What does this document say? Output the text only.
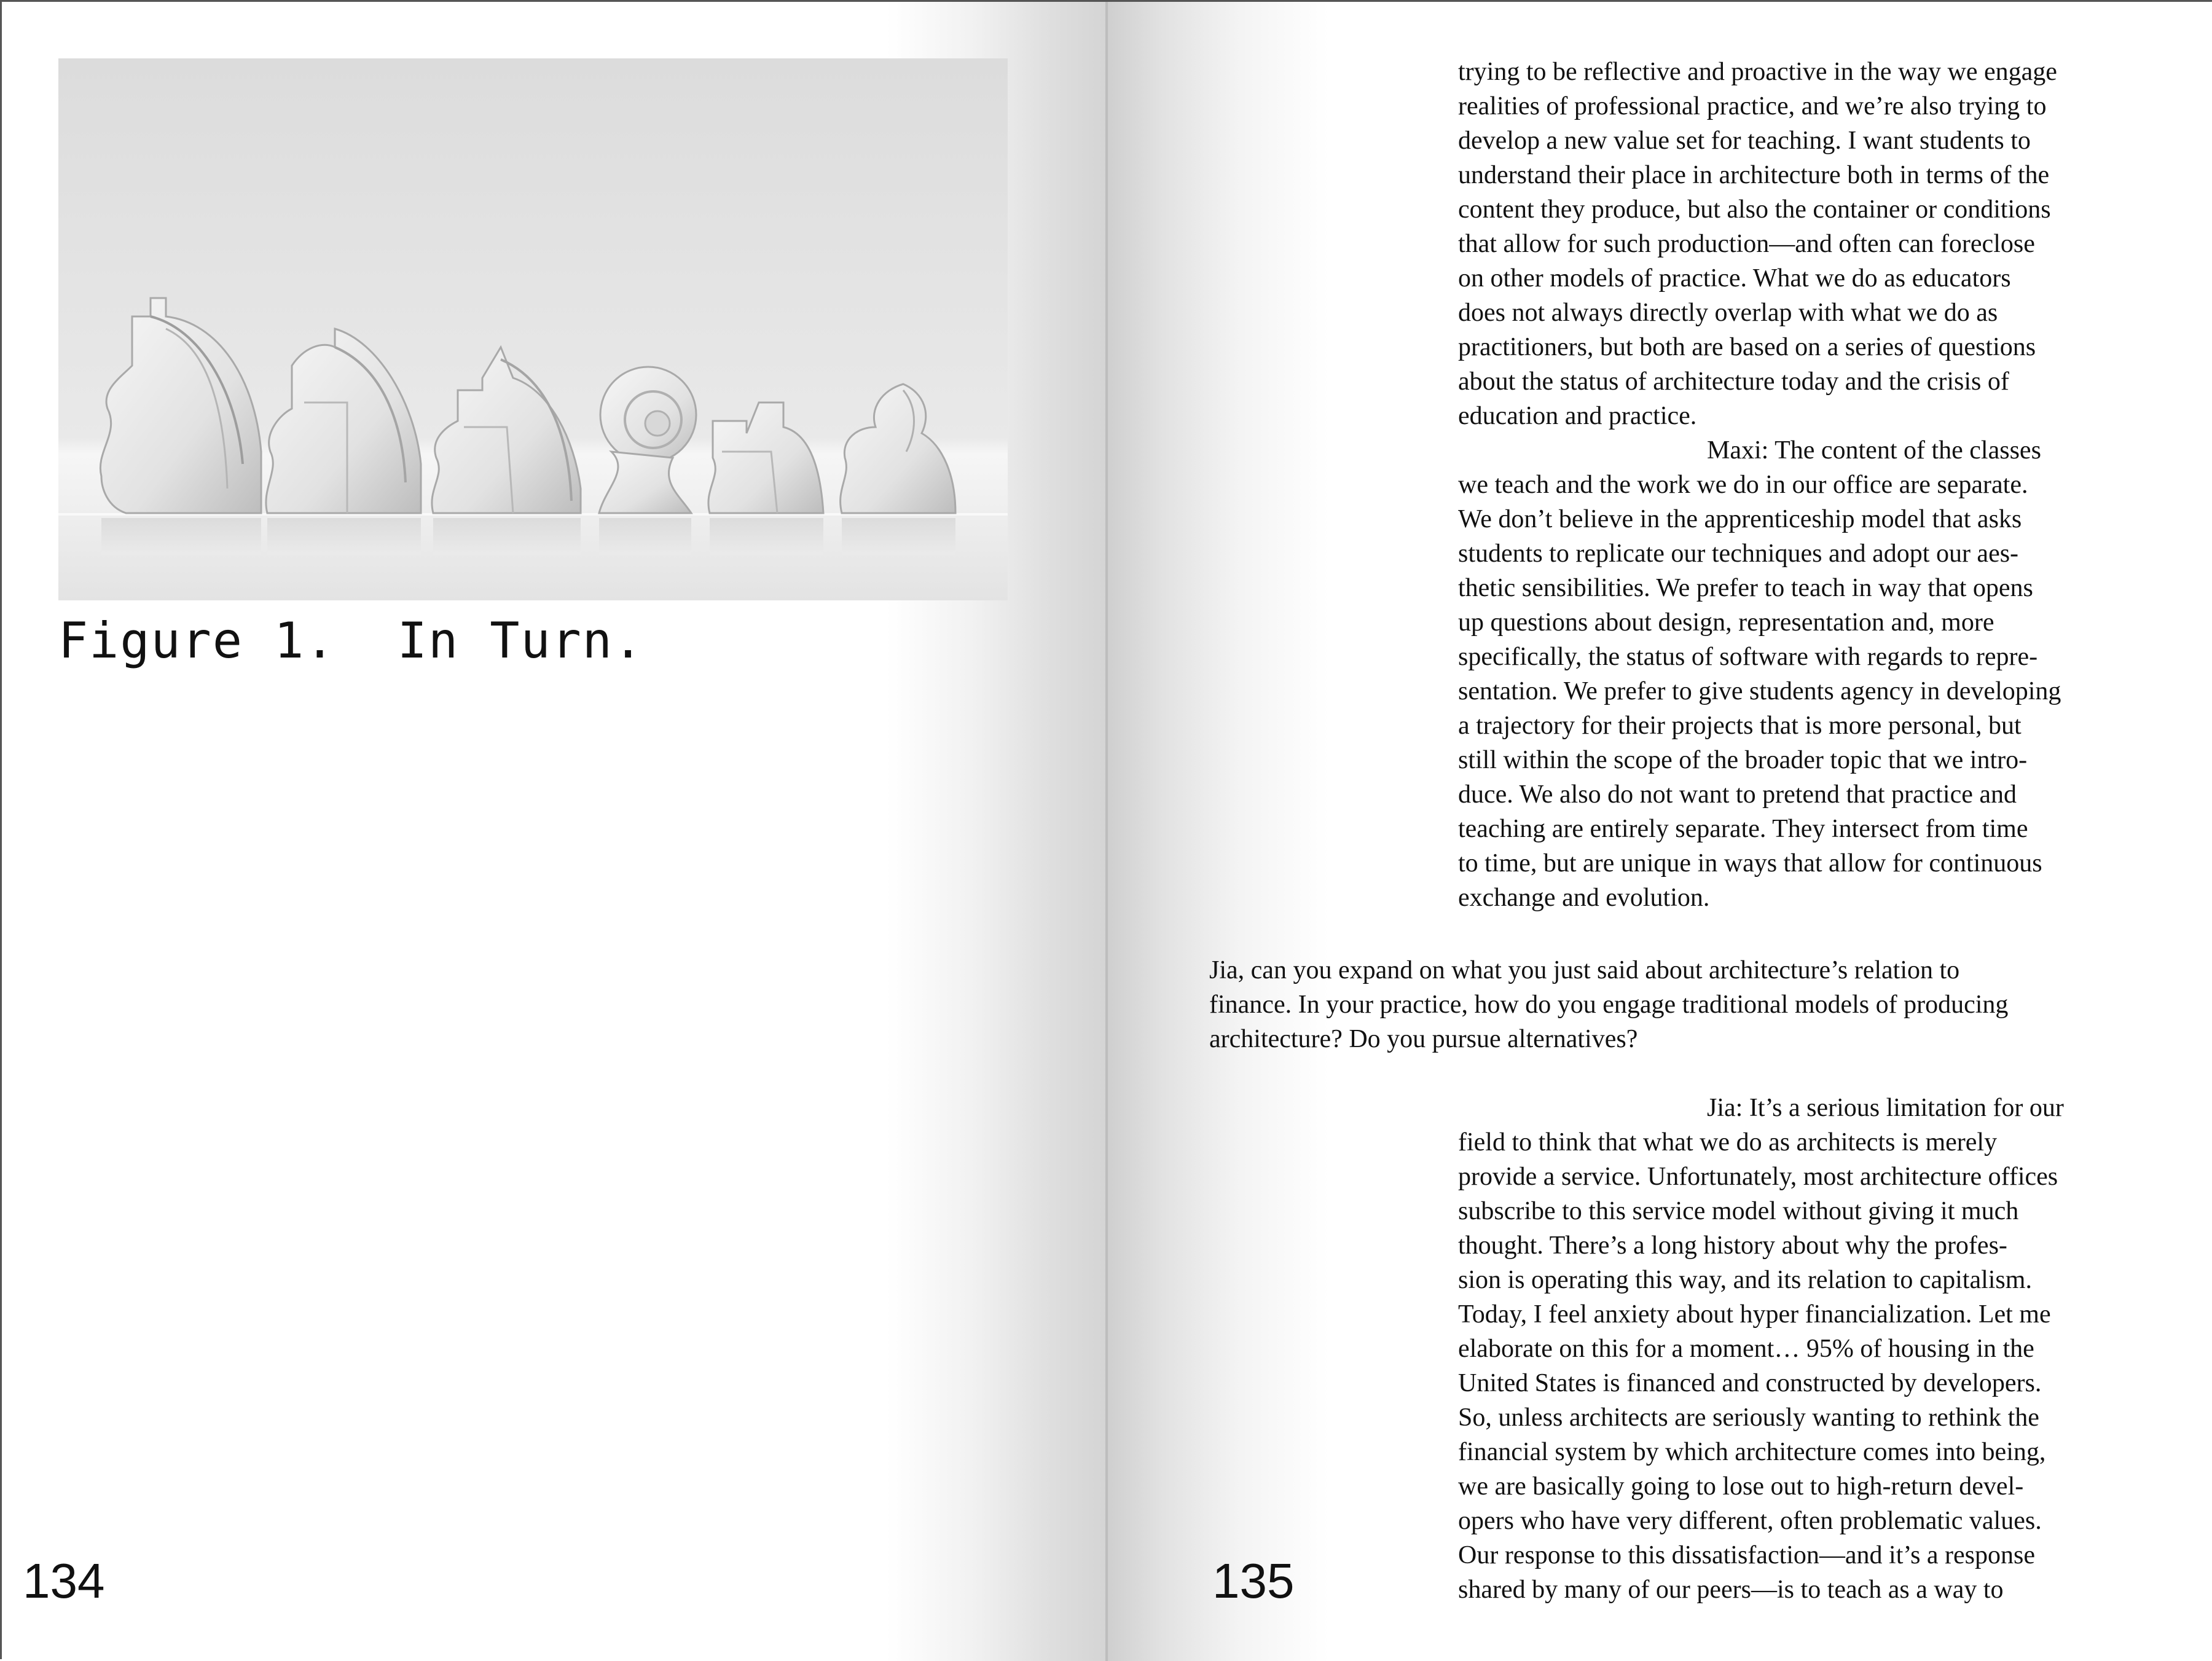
Figure 1.  In Turn.
134
trying to be reflective and proactive in the way we engage
realities of professional practice, and we’re also trying to
develop a new value set for teaching. I want students to
understand their place in architecture both in terms of the
content they produce, but also the container or conditions
that allow for such production—and often can foreclose
on other models of practice. What we do as educators
does not always directly overlap with what we do as
practitioners, but both are based on a series of questions
about the status of architecture today and the crisis of
education and practice.
Maxi: The content of the classes
we teach and the work we do in our office are separate.
We don’t believe in the apprenticeship model that asks
students to replicate our techniques and adopt our aes-
thetic sensibilities. We prefer to teach in way that opens
up questions about design, representation and, more
specifically, the status of software with regards to repre-
sentation. We prefer to give students agency in developing
a trajectory for their projects that is more personal, but
still within the scope of the broader topic that we intro-
duce. We also do not want to pretend that practice and
teaching are entirely separate. They intersect from time
to time, but are unique in ways that allow for continuous
exchange and evolution.
Jia, can you expand on what you just said about architecture’s relation to
finance. In your practice, how do you engage traditional models of producing
architecture? Do you pursue alternatives?
Jia: It’s a serious limitation for our
field to think that what we do as architects is merely
provide a service. Unfortunately, most architecture offices
subscribe to this service model without giving it much
thought. There’s a long history about why the profes-
sion is operating this way, and its relation to capitalism.
Today, I feel anxiety about hyper financialization. Let me
elaborate on this for a moment… 95% of housing in the
United States is financed and constructed by developers.
So, unless architects are seriously wanting to rethink the
financial system by which architecture comes into being,
we are basically going to lose out to high-return devel-
opers who have very different, often problematic values.
Our response to this dissatisfaction—and it’s a response
shared by many of our peers—is to teach as a way to
135
